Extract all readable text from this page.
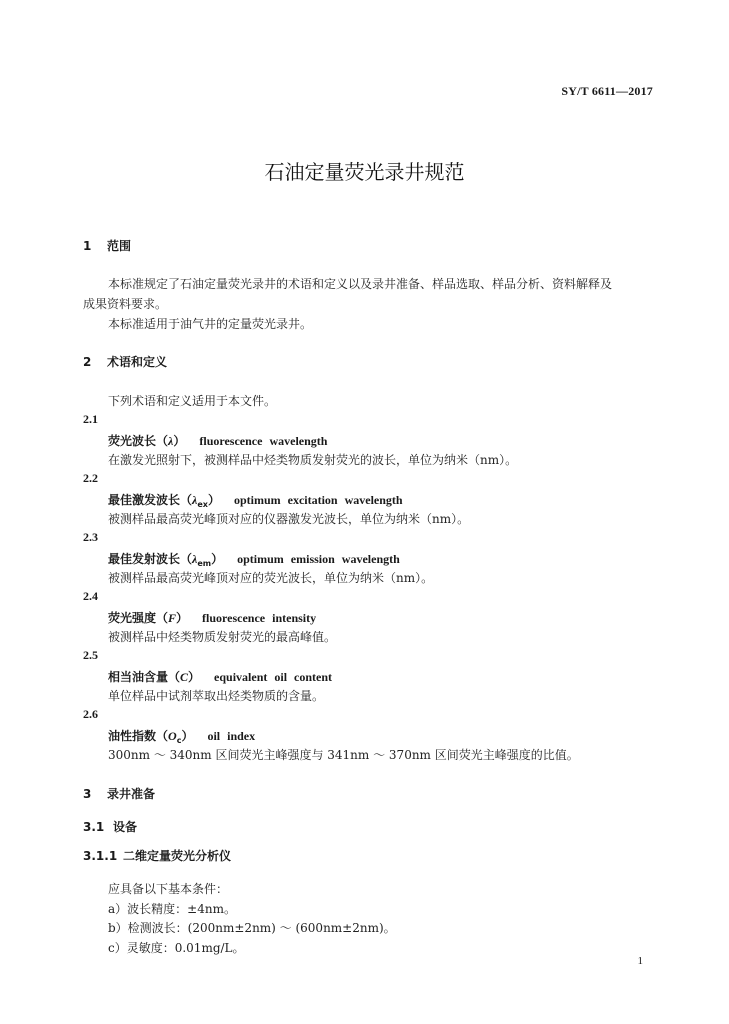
SY/T 6611—2017
石油定量荧光录井规范
1 范围
本标准规定了石油定量荧光录井的术语和定义以及录井准备、样品选取、样品分析、资料解释及
成果资料要求。
本标准适用于油气井的定量荧光录井。
2 术语和定义
下列术语和定义适用于本文件。
2.1
荧光波长（λ） fluorescence wavelength
在激发光照射下，被测样品中烃类物质发射荧光的波长，单位为纳米（nm）。
2.2
最佳激发波长$(\lambda_{ex})$ optimum excitation wavelength
被测样品最高荧光峰顶对应的仪器激发光波长，单位为纳米（nm）。
2.3
最佳发射波长$(\lambda_{em})$ optimum emission wavelength
被测样品最高荧光峰顶对应的荧光波长，单位为纳米（nm）。
2.4
荧光强度（F） fluorescence intensity
被测样品中烃类物质发射荧光的最高峰值。
2.5
相当油含量（C） equivalent oil content
单位样品中试剂萃取出烃类物质的含量。
2.6
油性指数$(O_c)$ oil index
300nm ～ 340nm 区间荧光主峰强度与 341nm ～ 370nm 区间荧光主峰强度的比值。
3 录井准备
3.1 设备
3.1.1 二维定量荧光分析仪
应具备以下基本条件：
a）波长精度：±4nm。
b）检测波长：(200nm±2nm) ～ (600nm±2nm)。
c）灵敏度：0.01mg/L。
1
